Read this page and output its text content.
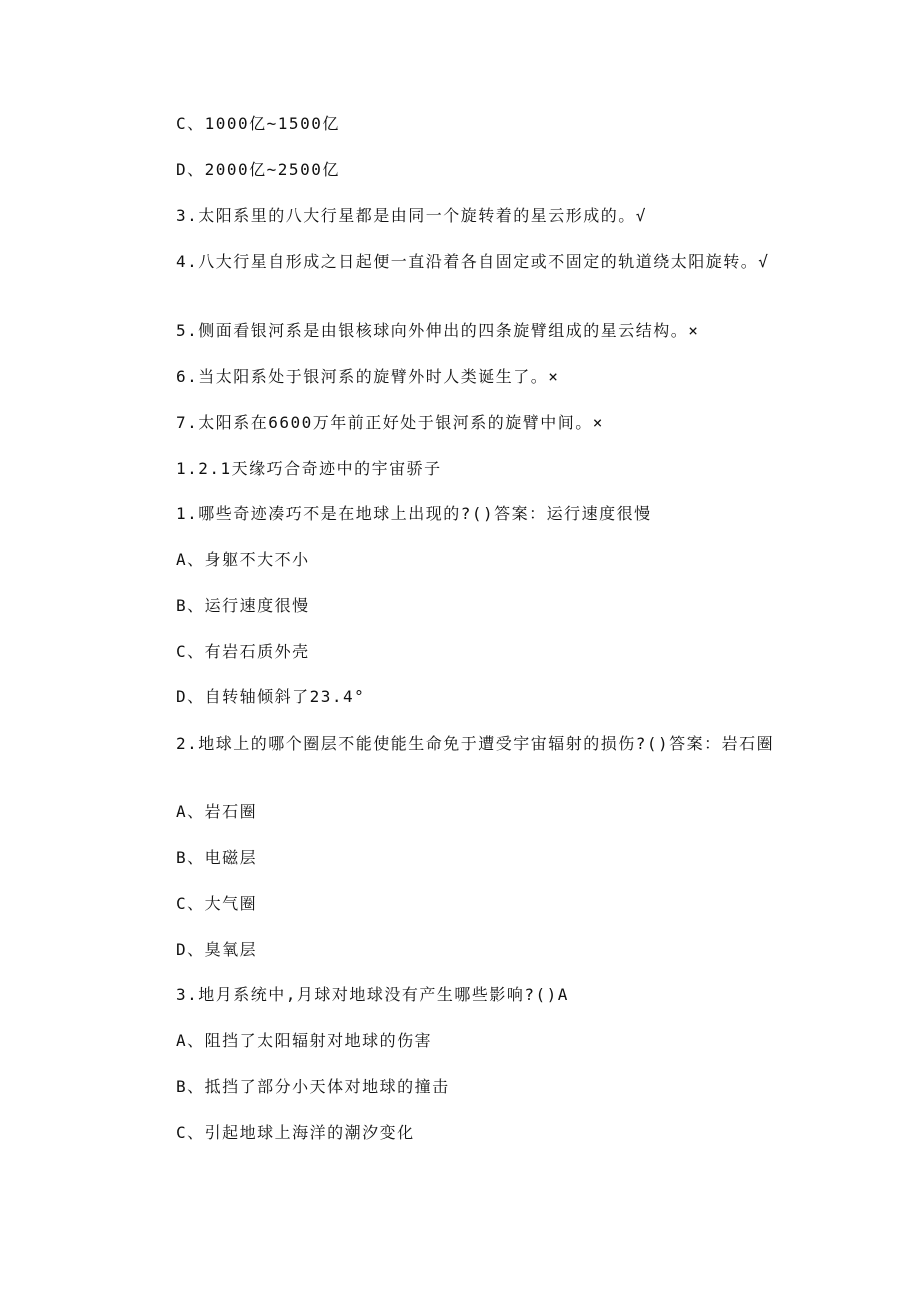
C、1000亿~1500亿
D、2000亿~2500亿
3.太阳系里的八大行星都是由同一个旋转着的星云形成的。√
4.八大行星自形成之日起便一直沿着各自固定或不固定的轨道绕太阳旋转。√
5.侧面看银河系是由银核球向外伸出的四条旋臂组成的星云结构。×
6.当太阳系处于银河系的旋臂外时人类诞生了。×
7.太阳系在6600万年前正好处于银河系的旋臂中间。×
1.2.1天缘巧合奇迹中的宇宙骄子
1.哪些奇迹凑巧不是在地球上出现的?()答案：运行速度很慢
A、身躯不大不小
B、运行速度很慢
C、有岩石质外壳
D、自转轴倾斜了23.4°
2.地球上的哪个圈层不能使能生命免于遭受宇宙辐射的损伤?()答案：岩石圈
A、岩石圈
B、电磁层
C、大气圈
D、臭氧层
3.地月系统中,月球对地球没有产生哪些影响?()A
A、阻挡了太阳辐射对地球的伤害
B、抵挡了部分小天体对地球的撞击
C、引起地球上海洋的潮汐变化
